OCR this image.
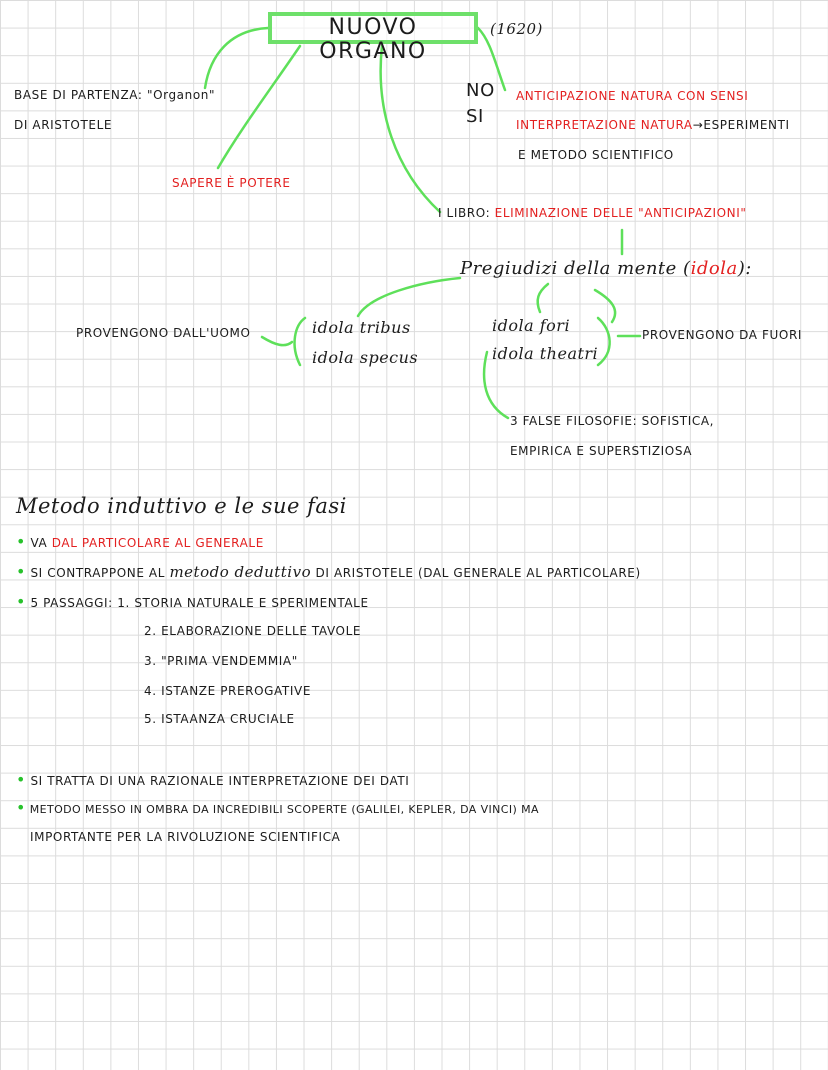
NUOVO ORGANO
(1620)
BASE DI PARTENZA: "Organon"
DI ARISTOTELE
SAPERE È POTERE
NO
SI
ANTICIPAZIONE NATURA CON SENSI
INTERPRETAZIONE NATURA→ESPERIMENTI
E METODO SCIENTIFICO
I LIBRO: ELIMINAZIONE DELLE "ANTICIPAZIONI"
Pregiudizi della mente (idola):
PROVENGONO DALL'UOMO	idola tribus
idola specus
idola fori
idola theatri
PROVENGONO DA FUORI
3 FALSE FILOSOFIE: SOFISTICA,
EMPIRICA E SUPERSTIZIOSA
Metodo induttivo e le sue fasi
• VA DAL PARTICOLARE AL GENERALE
• SI CONTRAPPONE AL metodo deduttivo DI ARISTOTELE (DAL GENERALE AL PARTICOLARE)
• 5 PASSAGGI: 1. STORIA NATURALE E SPERIMENTALE
2. ELABORAZIONE DELLE TAVOLE
3. "PRIMA VENDEMMIA"
4. ISTANZE PREROGATIVE
5. ISTAANZA CRUCIALE
• SI TRATTA DI UNA RAZIONALE INTERPRETAZIONE DEI DATI
• METODO MESSO IN OMBRA DA INCREDIBILI SCOPERTE (GALILEI, KEPLER, DA VINCI) MA
IMPORTANTE PER LA RIVOLUZIONE SCIENTIFICA
